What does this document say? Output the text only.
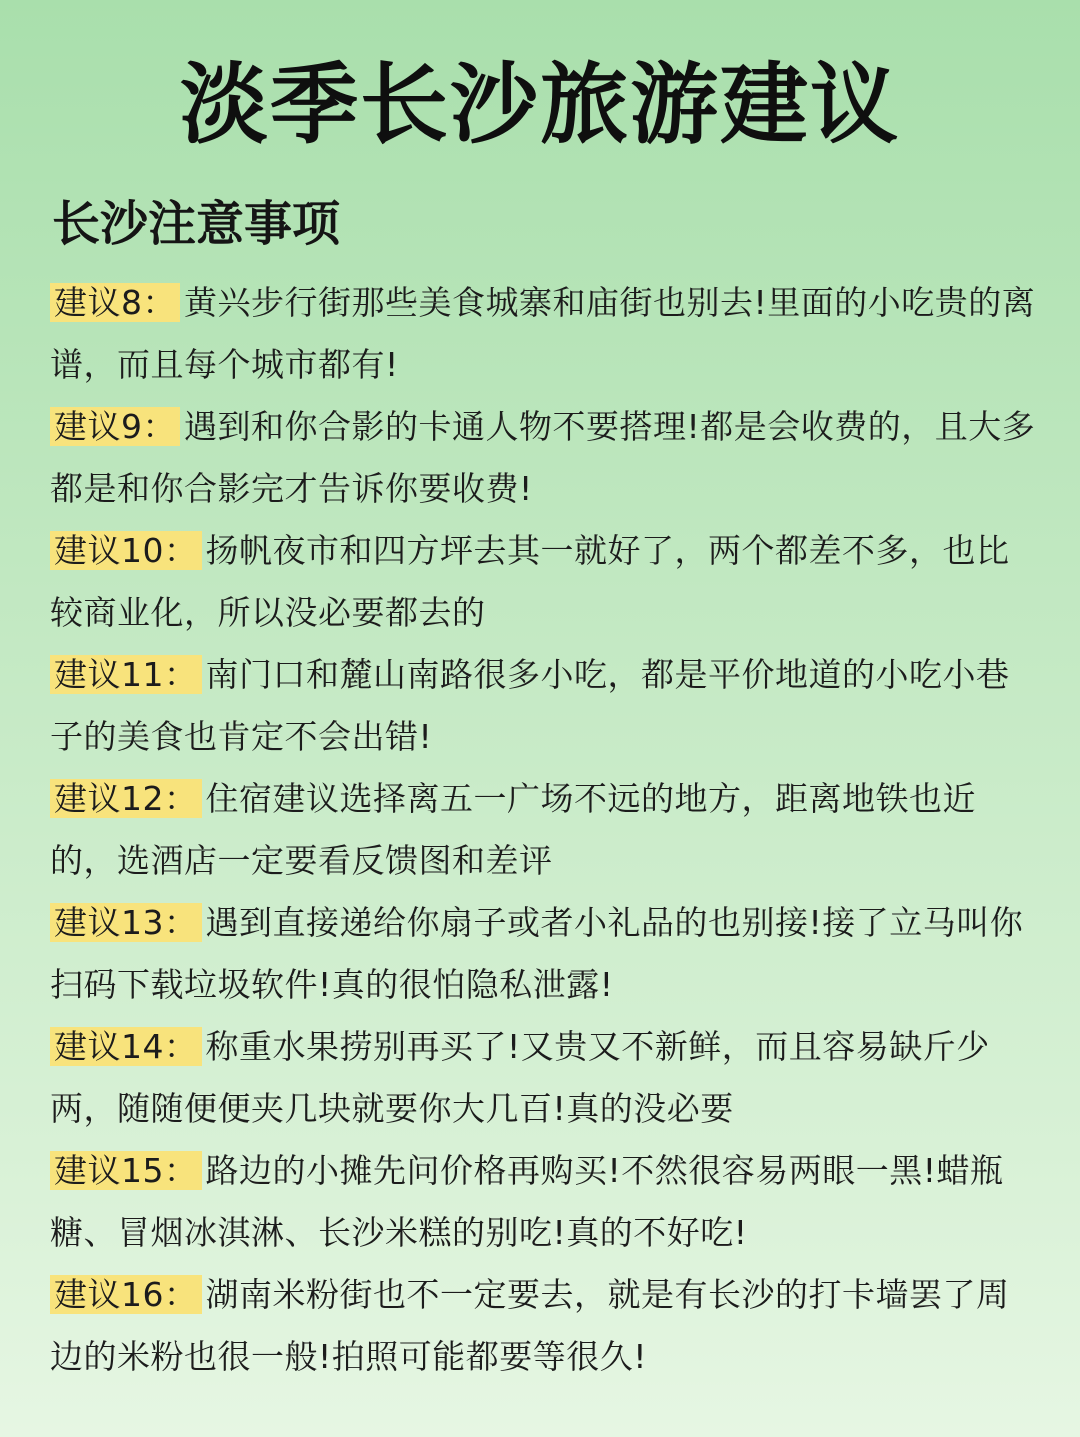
淡季长沙旅游建议
长沙注意事项
建议8： 黄兴步行街那些美食城寨和庙街也别去!里面的小吃贵的离谱，而且每个城市都有!
建议9： 遇到和你合影的卡通人物不要搭理!都是会收费的，且大多都是和你合影完才告诉你要收费!
建议10： 扬帆夜市和四方坪去其一就好了，两个都差不多，也比较商业化，所以没必要都去的
建议11： 南门口和麓山南路很多小吃，都是平价地道的小吃小巷子的美食也肯定不会出错!
建议12： 住宿建议选择离五一广场不远的地方，距离地铁也近的，选酒店一定要看反馈图和差评
建议13： 遇到直接递给你扇子或者小礼品的也别接!接了立马叫你扫码下载垃圾软件!真的很怕隐私泄露!
建议14： 称重水果捞别再买了!又贵又不新鲜，而且容易缺斤少两，随随便便夹几块就要你大几百!真的没必要
建议15： 路边的小摊先问价格再购买!不然很容易两眼一黑!蜡瓶糖、冒烟冰淇淋、长沙米糕的别吃!真的不好吃!
建议16： 湖南米粉街也不一定要去，就是有长沙的打卡墙罢了周边的米粉也很一般!拍照可能都要等很久!
